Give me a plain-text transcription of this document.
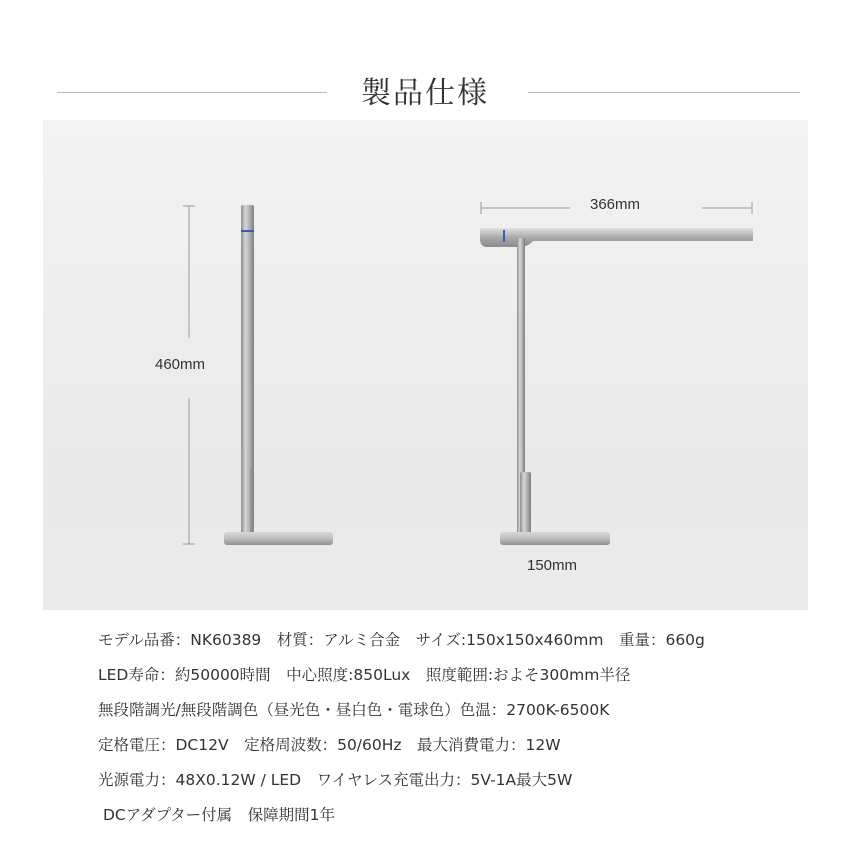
製品仕様
460mm
366mm
150mm
モデル品番：NK60389　材質：アルミ合金　サイズ:150x150x460mm　重量：660g
LED寿命：約50000時間　中心照度:850Lux　照度範囲:およそ300mm半径
無段階調光/無段階調色（昼光色・昼白色・電球色）色温：2700K-6500K
定格電圧：DC12V　定格周波数：50/60Hz　最大消費電力：12W
光源電力：48X0.12W / LED　ワイヤレス充電出力：5V-1A最大5W
DCアダプター付属　保障期間1年
